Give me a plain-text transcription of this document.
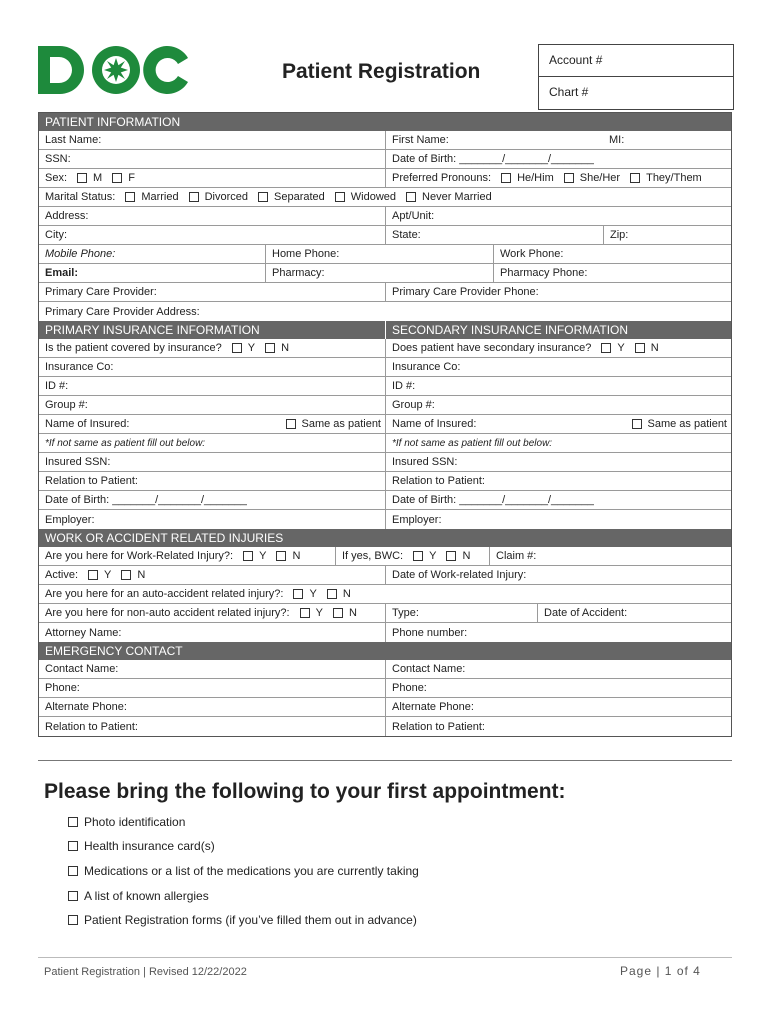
Patient Registration	Account #
Chart #
PATIENT INFORMATION
Last Name:	First Name:	MI:
SSN:	Date of Birth: _______/_______/_______
Sex: M F	Preferred Pronouns: He/Him She/Her They/Them
Marital Status: Married Divorced Separated Widowed Never Married
Address:	Apt/Unit:
City:	State:	Zip:
Mobile Phone:	Home Phone:	Work Phone:
Email:	Pharmacy:	Pharmacy Phone:
Primary Care Provider:	Primary Care Provider Phone:
Primary Care Provider Address:
PRIMARY INSURANCE INFORMATION	SECONDARY INSURANCE INFORMATION
Is the patient covered by insurance? Y N	Does patient have secondary insurance? Y N
Insurance Co:	Insurance Co:
ID #:	ID #:
Group #:	Group #:
Name of Insured:	Same as patient	Name of Insured:	Same as patient
*If not same as patient fill out below:	*If not same as patient fill out below:
Insured SSN:	Insured SSN:
Relation to Patient:	Relation to Patient:
Date of Birth: _______/_______/_______	Date of Birth: _______/_______/_______
Employer:	Employer:
WORK OR ACCIDENT RELATED INJURIES
Are you here for Work-Related Injury?: Y N	If yes, BWC: Y N Claim #:
Active: Y N	Date of Work-related Injury:
Are you here for an auto-accident related injury?: Y N
Are you here for non-auto accident related injury?: Y N	Type:	Date of Accident:
Attorney Name:	Phone number:
EMERGENCY CONTACT
Contact Name:	Contact Name:
Phone:	Phone:
Alternate Phone:	Alternate Phone:
Relation to Patient:	Relation to Patient:
Please bring the following to your first appointment:
Photo identification
Health insurance card(s)
Medications or a list of the medications you are currently taking
A list of known allergies
Patient Registration forms (if you’ve filled them out in advance)
Patient Registration | Revised 12/22/2022	Page | 1 of 4
